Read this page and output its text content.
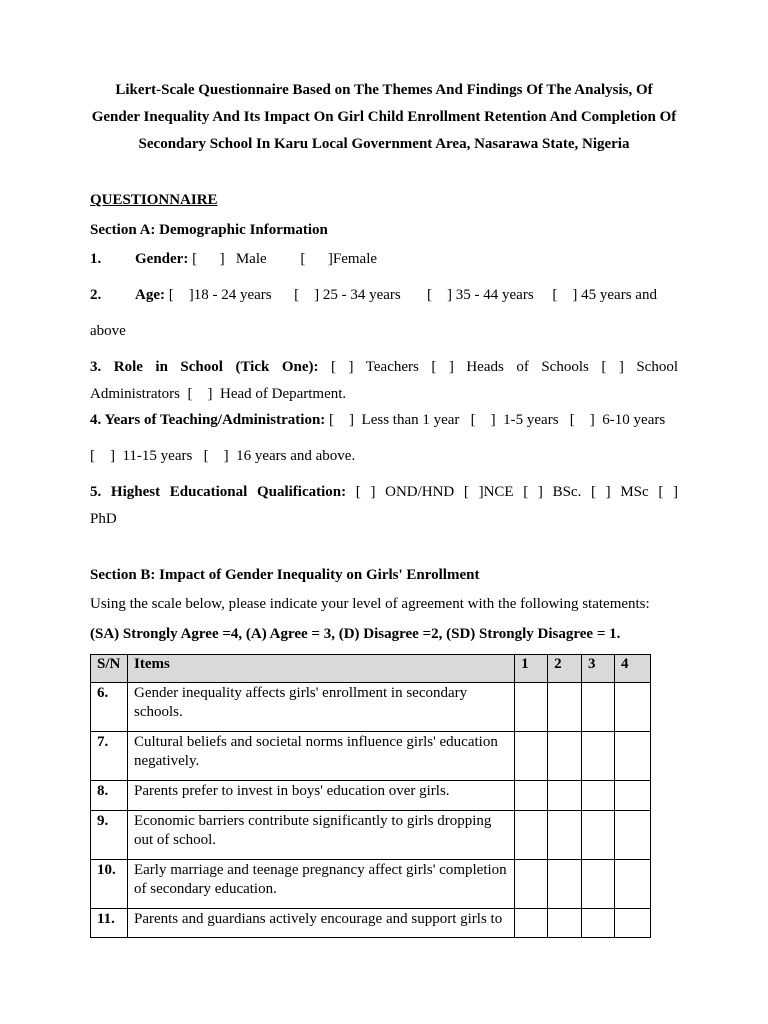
Likert-Scale Questionnaire Based on The Themes And Findings Of The Analysis, Of
Gender Inequality And Its Impact On Girl Child Enrollment Retention And Completion Of
Secondary School In Karu Local Government Area, Nasarawa State, Nigeria
QUESTIONNAIRE
Section A: Demographic Information
1. Gender: [      ]   Male         [      ]Female
2. Age: [    ]18 - 24 years      [    ] 25 - 34 years       [    ] 35 - 44 years     [    ] 45 years and
above
3. Role in School (Tick One): [ ] Teachers [ ] Heads of Schools [ ] School
Administrators  [    ]  Head of Department.
4. Years of Teaching/Administration: [    ]  Less than 1 year   [    ]  1-5 years   [    ]  6-10 years
[    ]  11-15 years   [    ]  16 years and above.
5. Highest Educational Qualification: [ ] OND/HND [ ]NCE [ ] BSc. [ ] MSc [ ]
PhD
Section B: Impact of Gender Inequality on Girls' Enrollment
Using the scale below, please indicate your level of agreement with the following statements:
(SA) Strongly Agree =4, (A) Agree = 3, (D) Disagree =2, (SD) Strongly Disagree = 1.
S/N	Items	1	2	3	4
6.	Gender inequality affects girls' enrollment in secondary schools.				
7.	Cultural beliefs and societal norms influence girls' education negatively.				
8.	Parents prefer to invest in boys' education over girls.				
9.	Economic barriers contribute significantly to girls dropping out of school.				
10.	Early marriage and teenage pregnancy affect girls' completion of secondary education.				
11.	Parents and guardians actively encourage and support girls to				
